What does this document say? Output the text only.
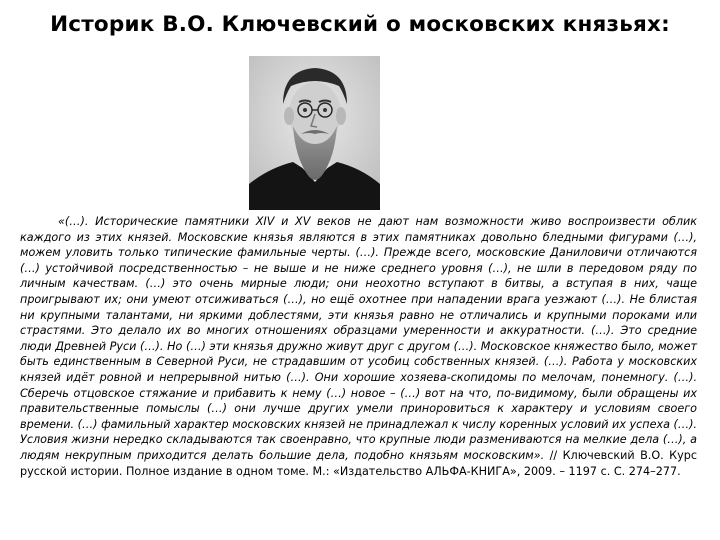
Историк В.О. Ключевский о московских князьях:

«(…). Исторические памятники XIV и XV веков не дают нам возможности живо воспроизвести облик каждого из этих князей. Московские князья являются в этих памятниках довольно бледными фигурами (…), можем уловить только типические фамильные черты. (…). Прежде всего, московские Даниловичи отличаются (…) устойчивой посредственностью – не выше и не ниже среднего уровня (…), не шли в передовом ряду по личным качествам. (…) это очень мирные люди; они неохотно вступают в битвы, а вступая в них, чаще проигрывают их; они умеют отсиживаться (…), но ещё охотнее при нападении врага уезжают (…). Не блистая ни крупными талантами, ни яркими доблестями, эти князья равно не отличались и крупными пороками или страстями. Это делало их во многих отношениях образцами умеренности и аккуратности. (…). Это средние люди Древней Руси (…). Но (…) эти князья дружно живут друг с другом (…). Московское княжество было, может быть единственным в Северной Руси, не страдавшим от усобиц собственных князей. (…). Работа у московских князей идёт ровной и непрерывной нитью (…). Они хорошие хозяева-скопидомы по мелочам, понемногу. (…). Сберечь отцовское стяжание и прибавить к нему (…) новое – (…) вот на что, по-видимому, были обращены их правительственные помыслы (…) они лучше других умели приноровиться к характеру и условиям своего времени. (…) фамильный характер московских князей не принадлежал к числу коренных условий их успеха (…). Условия жизни нередко складываются так своенравно, что крупные люди размениваются на мелкие дела (…), а людям некрупным приходится делать большие дела, подобно князьям московским». // Ключевский В.О. Курс русской истории. Полное издание в одном томе. М.: «Издательство АЛЬФА-КНИГА», 2009. – 1197 с. С. 274–277.
